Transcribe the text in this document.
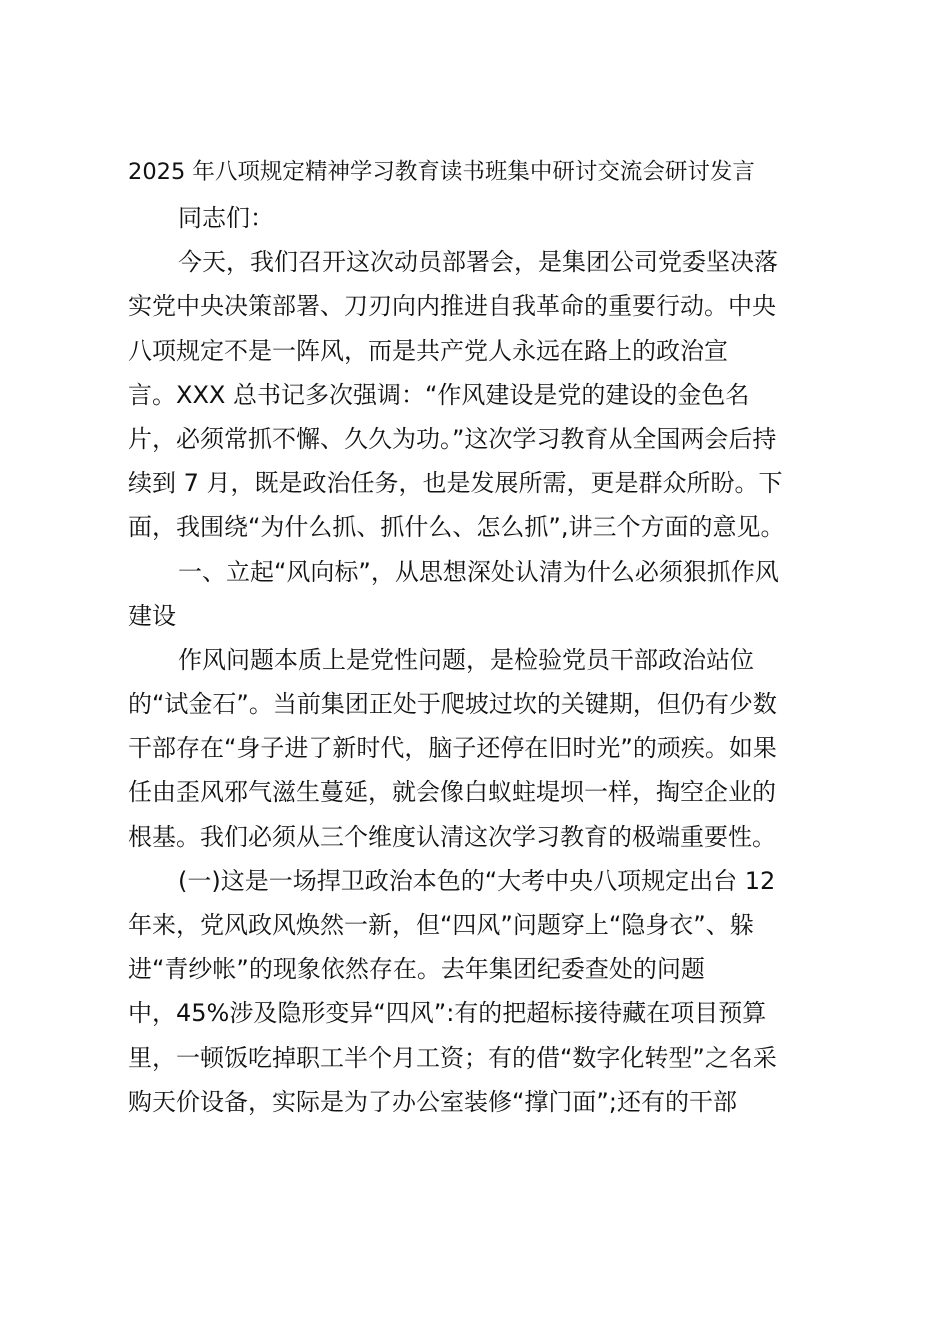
2025 年八项规定精神学习教育读书班集中研讨交流会研讨发言
同志们：
今天，我们召开这次动员部署会，是集团公司党委坚决落
实党中央决策部署、刀刃向内推进自我革命的重要行动。中央
八项规定不是一阵风，而是共产党人永远在路上的政治宣
言。XXX 总书记多次强调：“作风建设是党的建设的金色名
片，必须常抓不懈、久久为功。”这次学习教育从全国两会后持
续到 7 月，既是政治任务，也是发展所需，更是群众所盼。下
面，我围绕“为什么抓、抓什么、怎么抓”,讲三个方面的意见。
一、立起“风向标”，从思想深处认清为什么必须狠抓作风
建设
作风问题本质上是党性问题，是检验党员干部政治站位
的“试金石”。当前集团正处于爬坡过坎的关键期，但仍有少数
干部存在“身子进了新时代，脑子还停在旧时光”的顽疾。如果
任由歪风邪气滋生蔓延，就会像白蚁蛀堤坝一样，掏空企业的
根基。我们必须从三个维度认清这次学习教育的极端重要性。
(一)这是一场捍卫政治本色的“大考中央八项规定出台 12
年来，党风政风焕然一新，但“四风”问题穿上“隐身衣”、躲
进“青纱帐”的现象依然存在。去年集团纪委查处的问题
中，45%涉及隐形变异“四风”:有的把超标接待藏在项目预算
里，一顿饭吃掉职工半个月工资；有的借“数字化转型”之名采
购天价设备，实际是为了办公室装修“撑门面”;还有的干部
